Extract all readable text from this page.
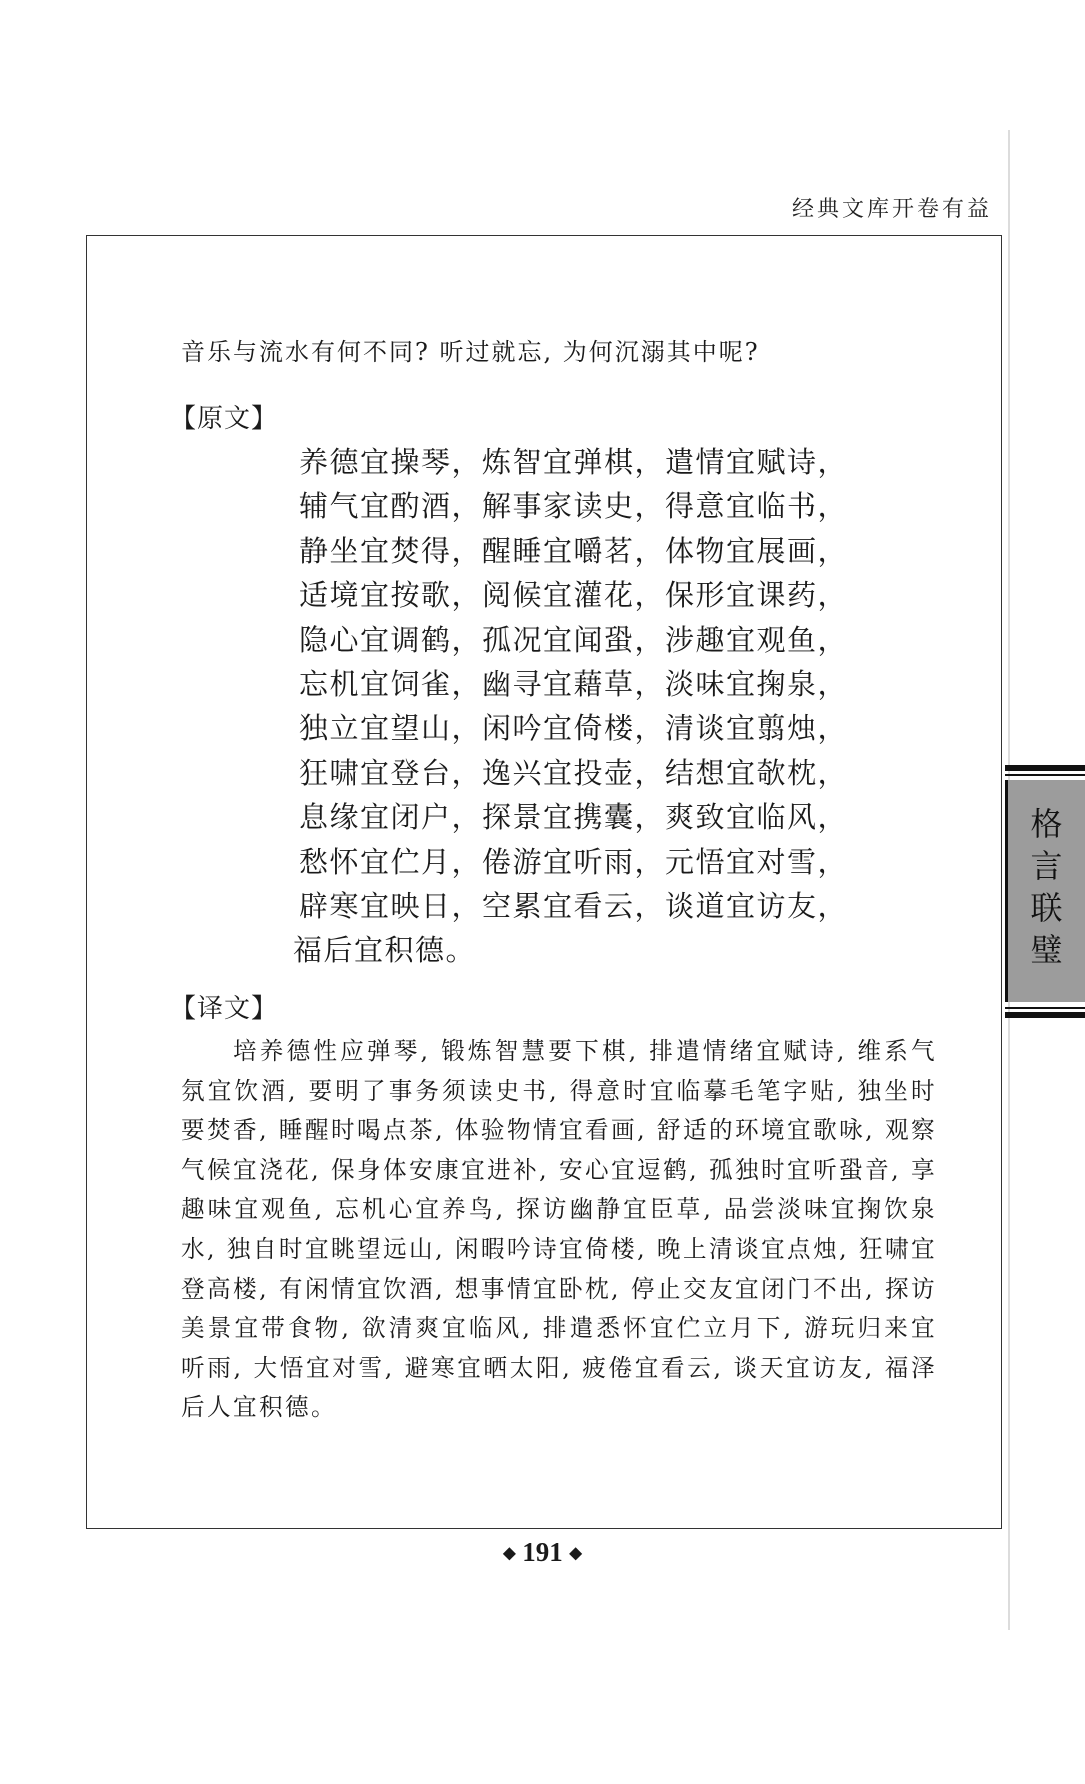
经典文库开卷有益
音乐与流水有何不同? 听过就忘, 为何沉溺其中呢?
【原文】
养德宜操琴，炼智宜弹棋，遣情宜赋诗，
辅气宜酌酒，解事家读史，得意宜临书，
静坐宜焚得，醒睡宜嚼茗，体物宜展画，
适境宜按歌，阅候宜灌花，保形宜课药，
隐心宜调鹤，孤况宜闻蛩，涉趣宜观鱼，
忘机宜饲雀，幽寻宜藉草，淡味宜掬泉，
独立宜望山，闲吟宜倚楼，清谈宜翦烛，
狂啸宜登台，逸兴宜投壶，结想宜欹枕，
息缘宜闭户，探景宜携囊，爽致宜临风，
愁怀宜伫月，倦游宜听雨，元悟宜对雪，
辟寒宜映日，空累宜看云，谈道宜访友，
福后宜积德。
【译文】

培养德性应弹琴, 锻炼智慧要下棋, 排遣情绪宜赋诗, 维系气氛宜饮酒, 要明了事务须读史书, 得意时宜临摹毛笔字贴, 独坐时要焚香, 睡醒时喝点茶, 体验物情宜看画, 舒适的环境宜歌咏, 观察气候宜浇花, 保身体安康宜进补, 安心宜逗鹤, 孤独时宜听蛩音, 享趣味宜观鱼, 忘机心宜养鸟, 探访幽静宜臣草, 品尝淡味宜掬饮泉水, 独自时宜眺望远山, 闲暇吟诗宜倚楼, 晚上清谈宜点烛, 狂啸宜登高楼, 有闲情宜饮酒, 想事情宜卧枕, 停止交友宜闭门不出, 探访美景宜带食物, 欲清爽宜临风, 排遣悉怀宜伫立月下, 游玩归来宜听雨, 大悟宜对雪, 避寒宜晒太阳, 疲倦宜看云, 谈天宜访友, 福泽后人宜积德。

◆ 191 ◆
格言联璧
